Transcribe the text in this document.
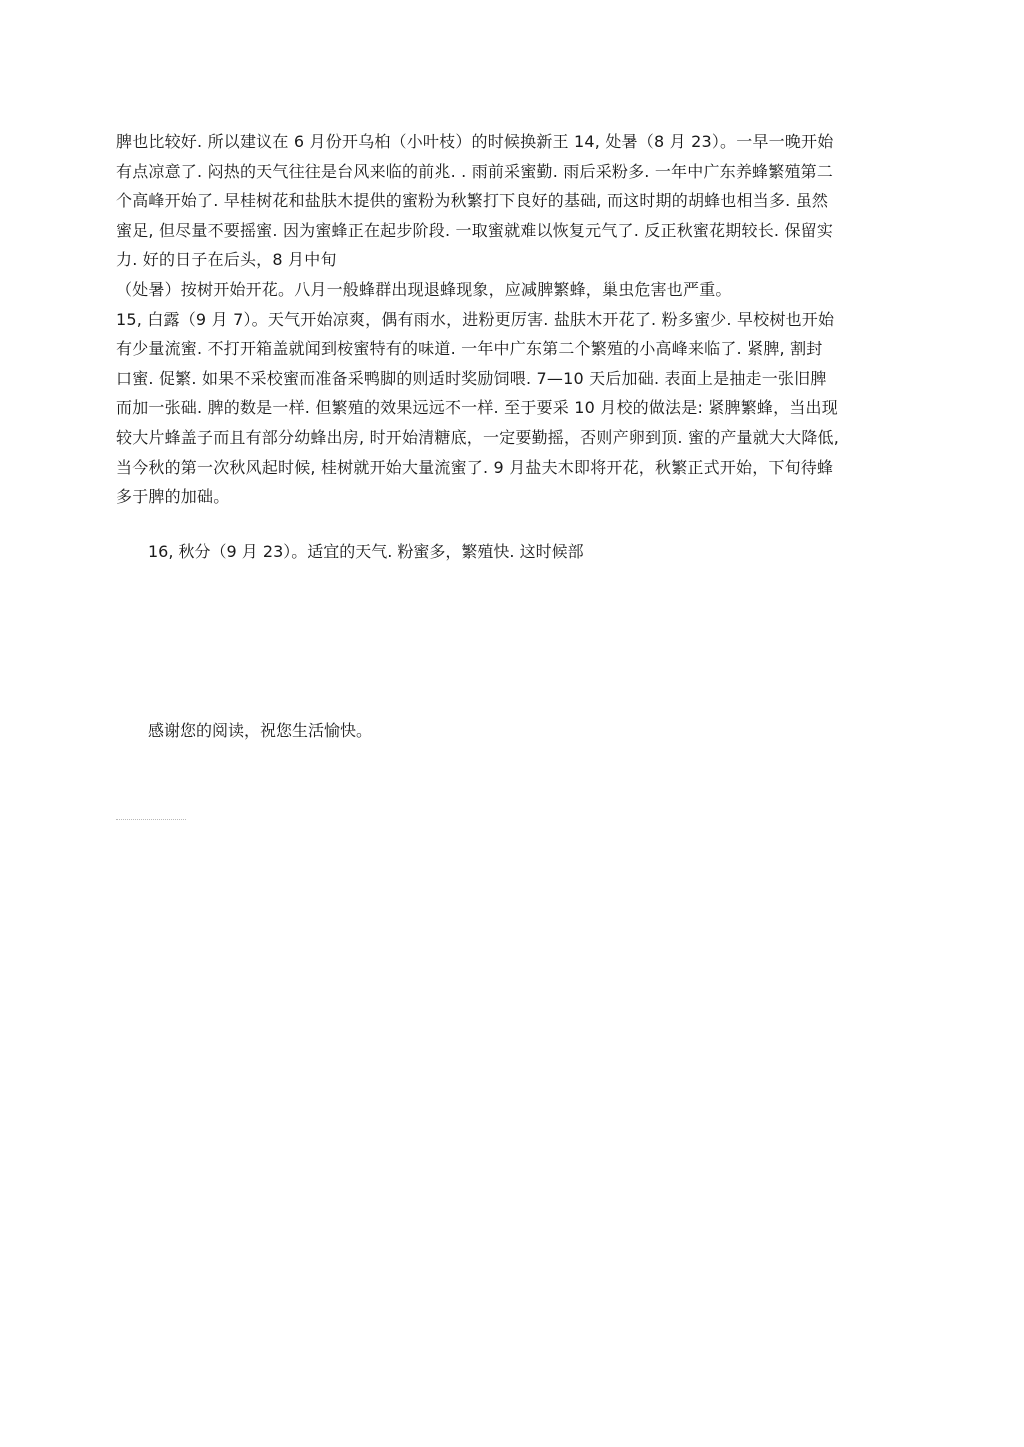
脾也比较好. 所以建议在 6 月份开乌桕（小叶枝）的时候换新王 14, 处暑（8 月 23）。一早一晚开始
有点凉意了. 闷热的天气往往是台风来临的前兆. . 雨前采蜜勤. 雨后采粉多. 一年中广东养蜂繁殖第二
个高峰开始了. 早桂树花和盐肤木提供的蜜粉为秋繁打下良好的基础, 而这时期的胡蜂也相当多. 虽然
蜜足, 但尽量不要摇蜜. 因为蜜蜂正在起步阶段. 一取蜜就难以恢复元气了. 反正秋蜜花期较长. 保留实
力. 好的日子在后头，8 月中旬
（处暑）按树开始开花。八月一般蜂群出现退蜂现象，应减脾繁蜂，巢虫危害也严重。
15, 白露（9 月 7）。天气开始凉爽，偶有雨水，进粉更厉害. 盐肤木开花了. 粉多蜜少. 早校树也开始
有少量流蜜. 不打开箱盖就闻到桉蜜特有的味道. 一年中广东第二个繁殖的小高峰来临了. 紧脾, 割封
口蜜. 促繁. 如果不采校蜜而准备采鸭脚的则适时奖励饲喂. 7—10 天后加础. 表面上是抽走一张旧脾
而加一张础. 脾的数是一样. 但繁殖的效果远远不一样. 至于要采 10 月校的做法是: 紧脾繁蜂，当出现
较大片蜂盖子而且有部分幼蜂出房, 时开始清糖底，一定要勤摇，否则产卵到顶. 蜜的产量就大大降低,
当今秋的第一次秋风起时候, 桂树就开始大量流蜜了. 9 月盐夫木即将开花，秋繁正式开始，下旬待蜂
多于脾的加础。
16, 秋分（9 月 23）。适宜的天气. 粉蜜多，繁殖快. 这时候部
感谢您的阅读，祝您生活愉快。
